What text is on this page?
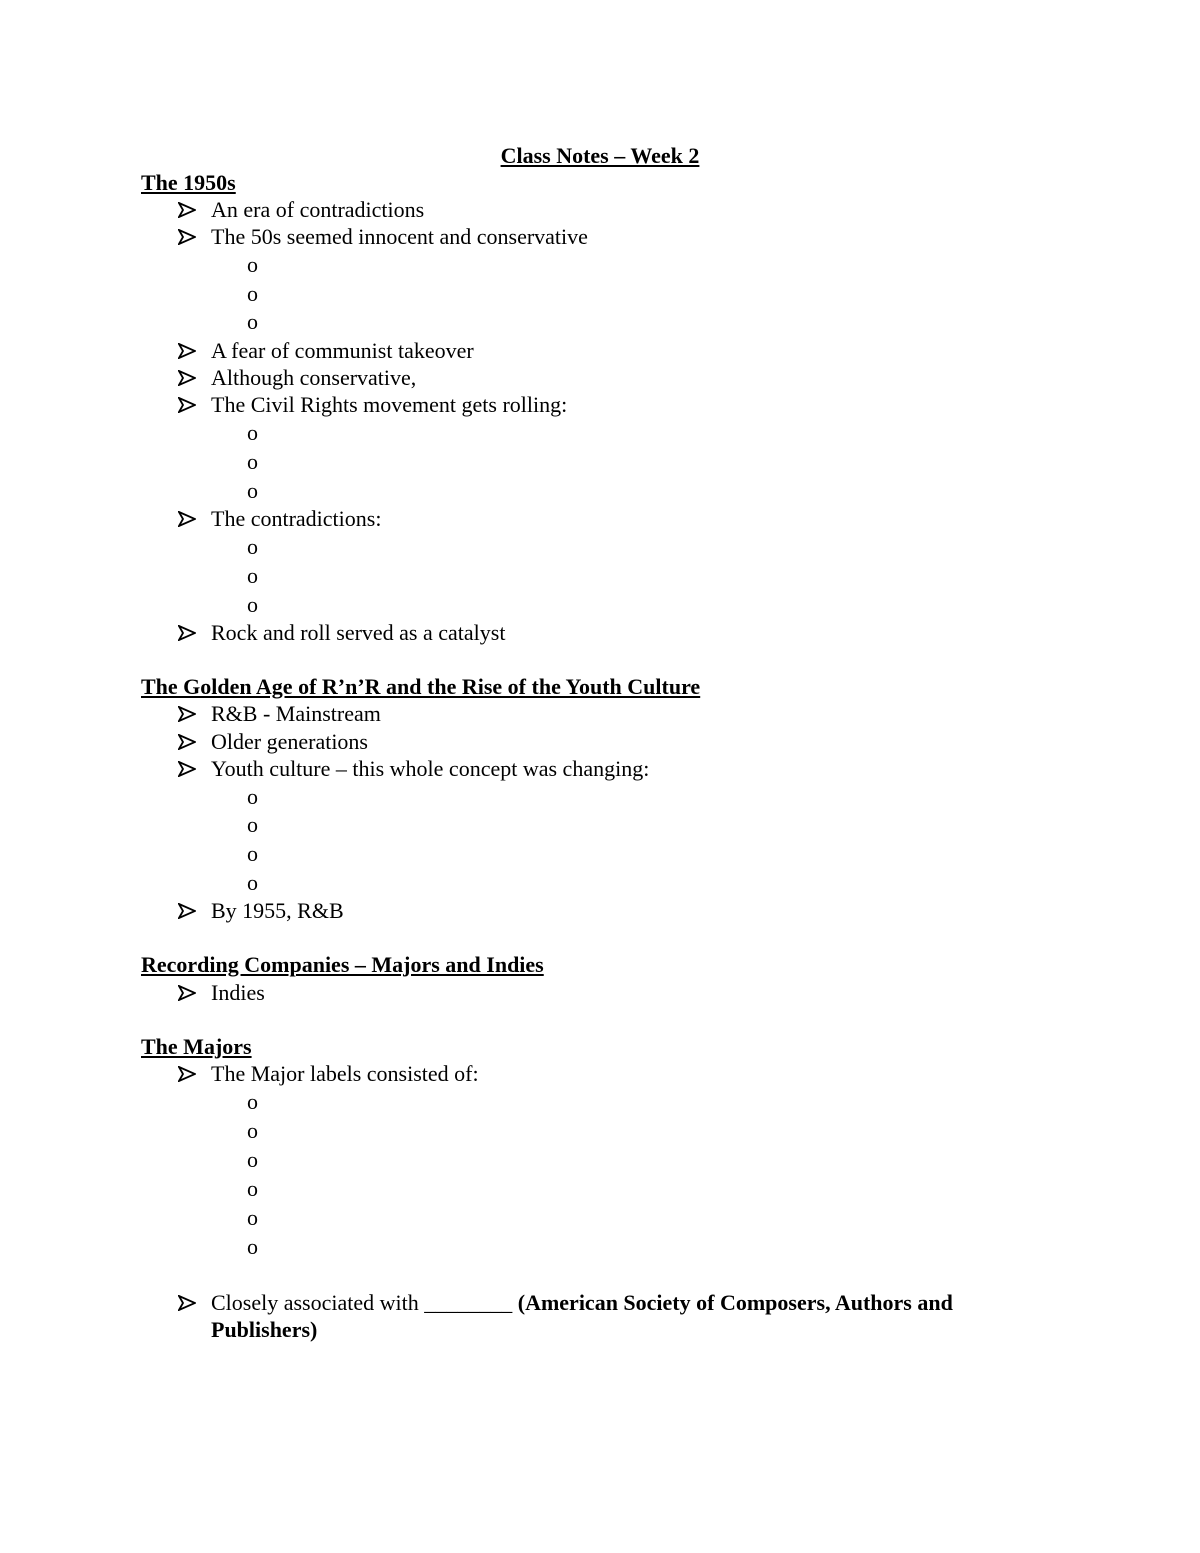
Class Notes – Week 2
The 1950s
An era of contradictions
The 50s seemed innocent and conservative
o
o
o
A fear of communist takeover
Although conservative,
The Civil Rights movement gets rolling:
o
o
o
The contradictions:
o
o
o
Rock and roll served as a catalyst
The Golden Age of R’n’R and the Rise of the Youth Culture
R&B - Mainstream
Older generations
Youth culture – this whole concept was changing:
o
o
o
o
By 1955, R&B
Recording Companies – Majors and Indies
Indies
The Majors
The Major labels consisted of:
o
o
o
o
o
o
Closely associated with ________ (American Society of Composers, Authors and
Publishers)
